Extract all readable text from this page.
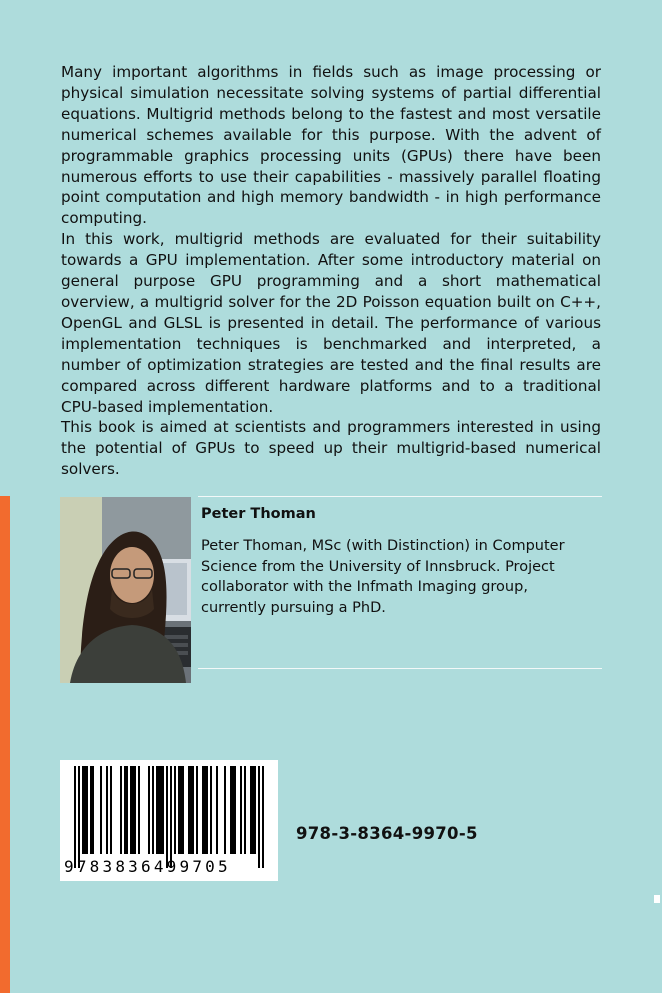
Many important algorithms in fields such as image processing or physical simulation necessitate solving systems of partial differential equations. Multigrid methods belong to the fastest and most versatile numerical schemes available for this purpose. With the advent of programmable graphics processing units (GPUs) there have been numerous efforts to use their capabilities - massively parallel floating point computation and high memory bandwidth - in high performance computing.

In this work, multigrid methods are evaluated for their suitability towards a GPU implementation. After some introductory material on general purpose GPU programming and a short mathematical overview, a multigrid solver for the 2D Poisson equation built on C++, OpenGL and GLSL is presented in detail. The performance of various implementation techniques is benchmarked and interpreted, a number of optimization strategies are tested and the final results are compared across different hardware platforms and to a traditional CPU-based implementation.

This book is aimed at scientists and programmers interested in using the potential of GPUs to speed up their multigrid-based numerical solvers.

Peter Thoman
Peter Thoman, MSc (with Distinction) in Computer Science from the University of Innsbruck. Project collaborator with the Infmath Imaging group, currently pursuing a PhD.
9783836499705
978-3-8364-9970-5
